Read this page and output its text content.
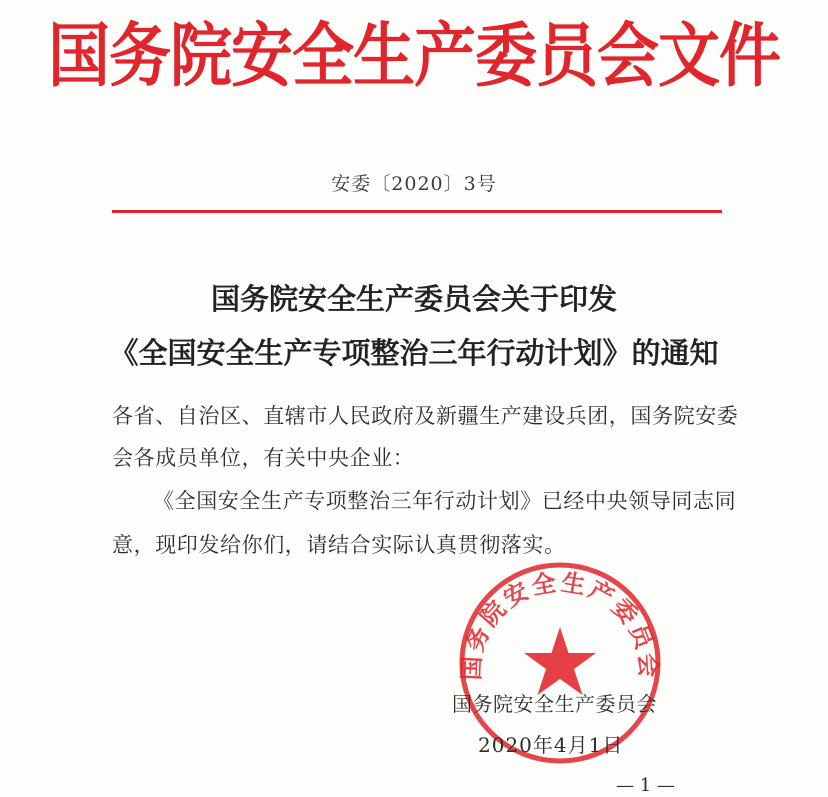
国务院安全生产委员会文件
安委〔2020〕3号
国务院安全生产委员会关于印发
《全国安全生产专项整治三年行动计划》的通知
各省、自治区、直辖市人民政府及新疆生产建设兵团，国务院安委
会各成员单位，有关中央企业：
《全国安全生产专项整治三年行动计划》已经中央领导同志同
意，现印发给你们，请结合实际认真贯彻落实。
国务院安全生产委员会
国务院安全生产委员会
2020年4月1日
— 1 —
